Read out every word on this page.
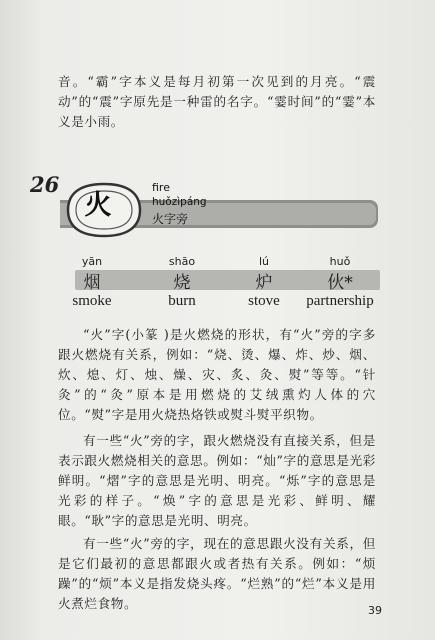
音。“霸”字本义是每月初第一次见到的月亮。“震动”的“震”字原先是一种雷的名字。“霎时间”的“霎”本义是小雨。
26
火
fire
huǒzìpáng
火字旁
yān
烟
smoke
shāo
烧
burn
lú
炉
stove
huǒ
伙*
partnership
“火”字(小篆 )是火燃烧的形状，有“火”旁的字多跟火燃烧有关系，例如：“烧、烫、爆、炸、炒、烟、炊、熄、灯、烛、燥、灾、炙、灸、熨”等等。“针灸”的“灸”原本是用燃烧的艾绒熏灼人体的穴位。“熨”字是用火烧热烙铁或熨斗熨平织物。
有一些“火”旁的字，跟火燃烧没有直接关系，但是表示跟火燃烧相关的意思。例如：“灿”字的意思是光彩鲜明。“熠”字的意思是光明、明亮。“烁”字的意思是光彩的样子。“焕”字的意思是光彩、鲜明、耀眼。“耿”字的意思是光明、明亮。
有一些“火”旁的字，现在的意思跟火没有关系，但是它们最初的意思都跟火或者热有关系。例如：“烦躁”的“烦”本义是指发烧头疼。“烂熟”的“烂”本义是用火煮烂食物。	39
